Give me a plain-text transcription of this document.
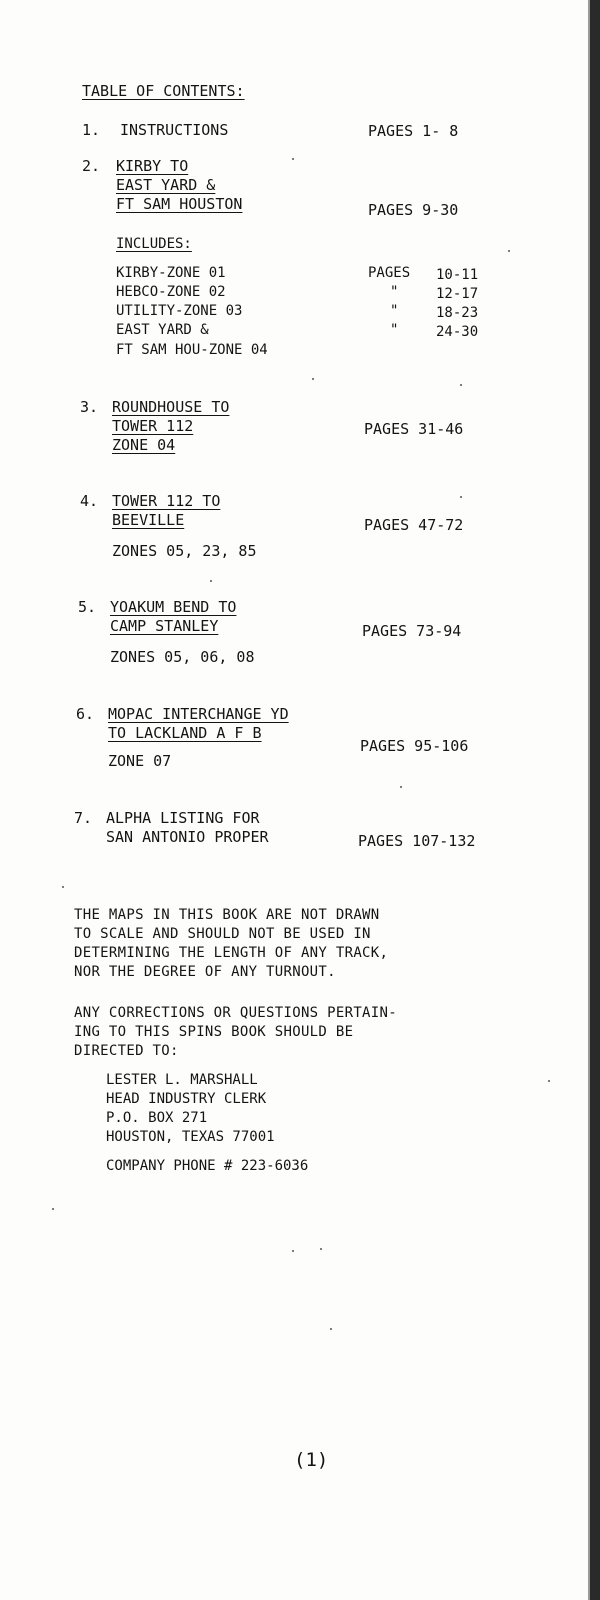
TABLE OF CONTENTS:
1. INSTRUCTIONS	PAGES 1- 8
2. KIRBY TO
EAST YARD &
FT SAM HOUSTON	PAGES 9-30
INCLUDES:
KIRBY-ZONE 01	PAGES 10-11
HEBCO-ZONE 02	"	12-17
UTILITY-ZONE 03	"	18-23
EAST YARD &	"	24-30
FT SAM HOU-ZONE 04
3. ROUNDHOUSE TO
TOWER 112
ZONE 04
PAGES 31-46
4. TOWER 112 TO
BEEVILLE	PAGES 47-72
ZONES 05, 23, 85
5. YOAKUM BEND TO
CAMP STANLEY	PAGES 73-94
ZONES 05, 06, 08
6. MOPAC INTERCHANGE YD
TO LACKLAND A F B
PAGES 95-106
ZONE 07
7. ALPHA LISTING FOR
SAN ANTONIO PROPER	PAGES 107-132
THE MAPS IN THIS BOOK ARE NOT DRAWN
TO SCALE AND SHOULD NOT BE USED IN
DETERMINING THE LENGTH OF ANY TRACK,
NOR THE DEGREE OF ANY TURNOUT.
ANY CORRECTIONS OR QUESTIONS PERTAIN-
ING TO THIS SPINS BOOK SHOULD BE
DIRECTED TO:
LESTER L. MARSHALL
HEAD INDUSTRY CLERK
P.O. BOX 271
HOUSTON, TEXAS 77001
COMPANY PHONE # 223-6036
(1)
